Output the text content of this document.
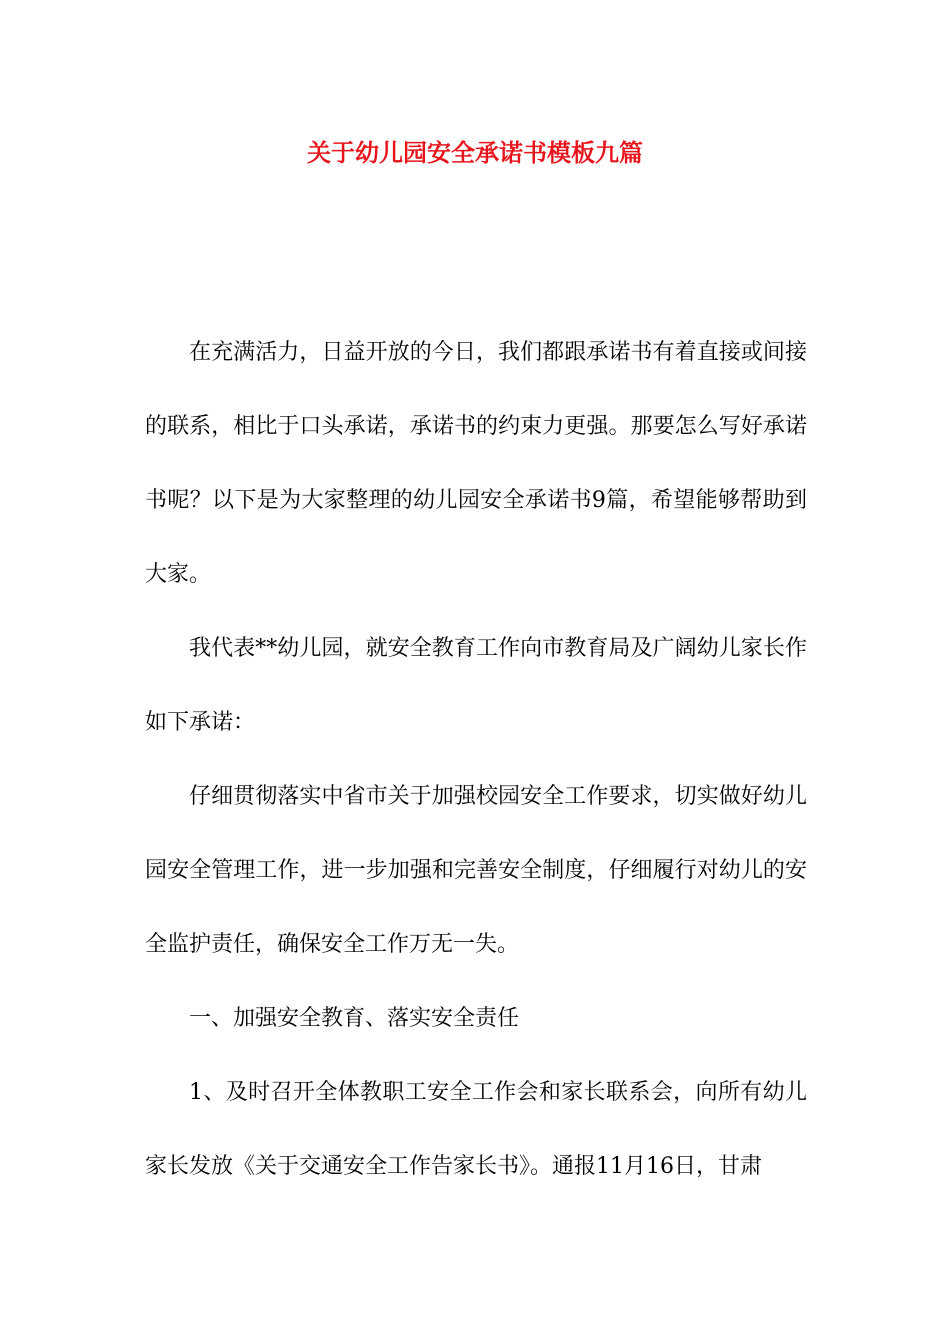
关于幼儿园安全承诺书模板九篇

在充满活力，日益开放的今日，我们都跟承诺书有着直接或间接的联系，相比于口头承诺，承诺书的约束力更强。那要怎么写好承诺书呢？以下是为大家整理的幼儿园安全承诺书9篇，希望能够帮助到大家。

我代表**幼儿园，就安全教育工作向市教育局及广阔幼儿家长作如下承诺：

仔细贯彻落实中省市关于加强校园安全工作要求，切实做好幼儿园安全管理工作，进一步加强和完善安全制度，仔细履行对幼儿的安全监护责任，确保安全工作万无一失。

一、加强安全教育、落实安全责任

1、及时召开全体教职工安全工作会和家长联系会，向所有幼儿家长发放《关于交通安全工作告家长书》。通报11月16日，甘肃
